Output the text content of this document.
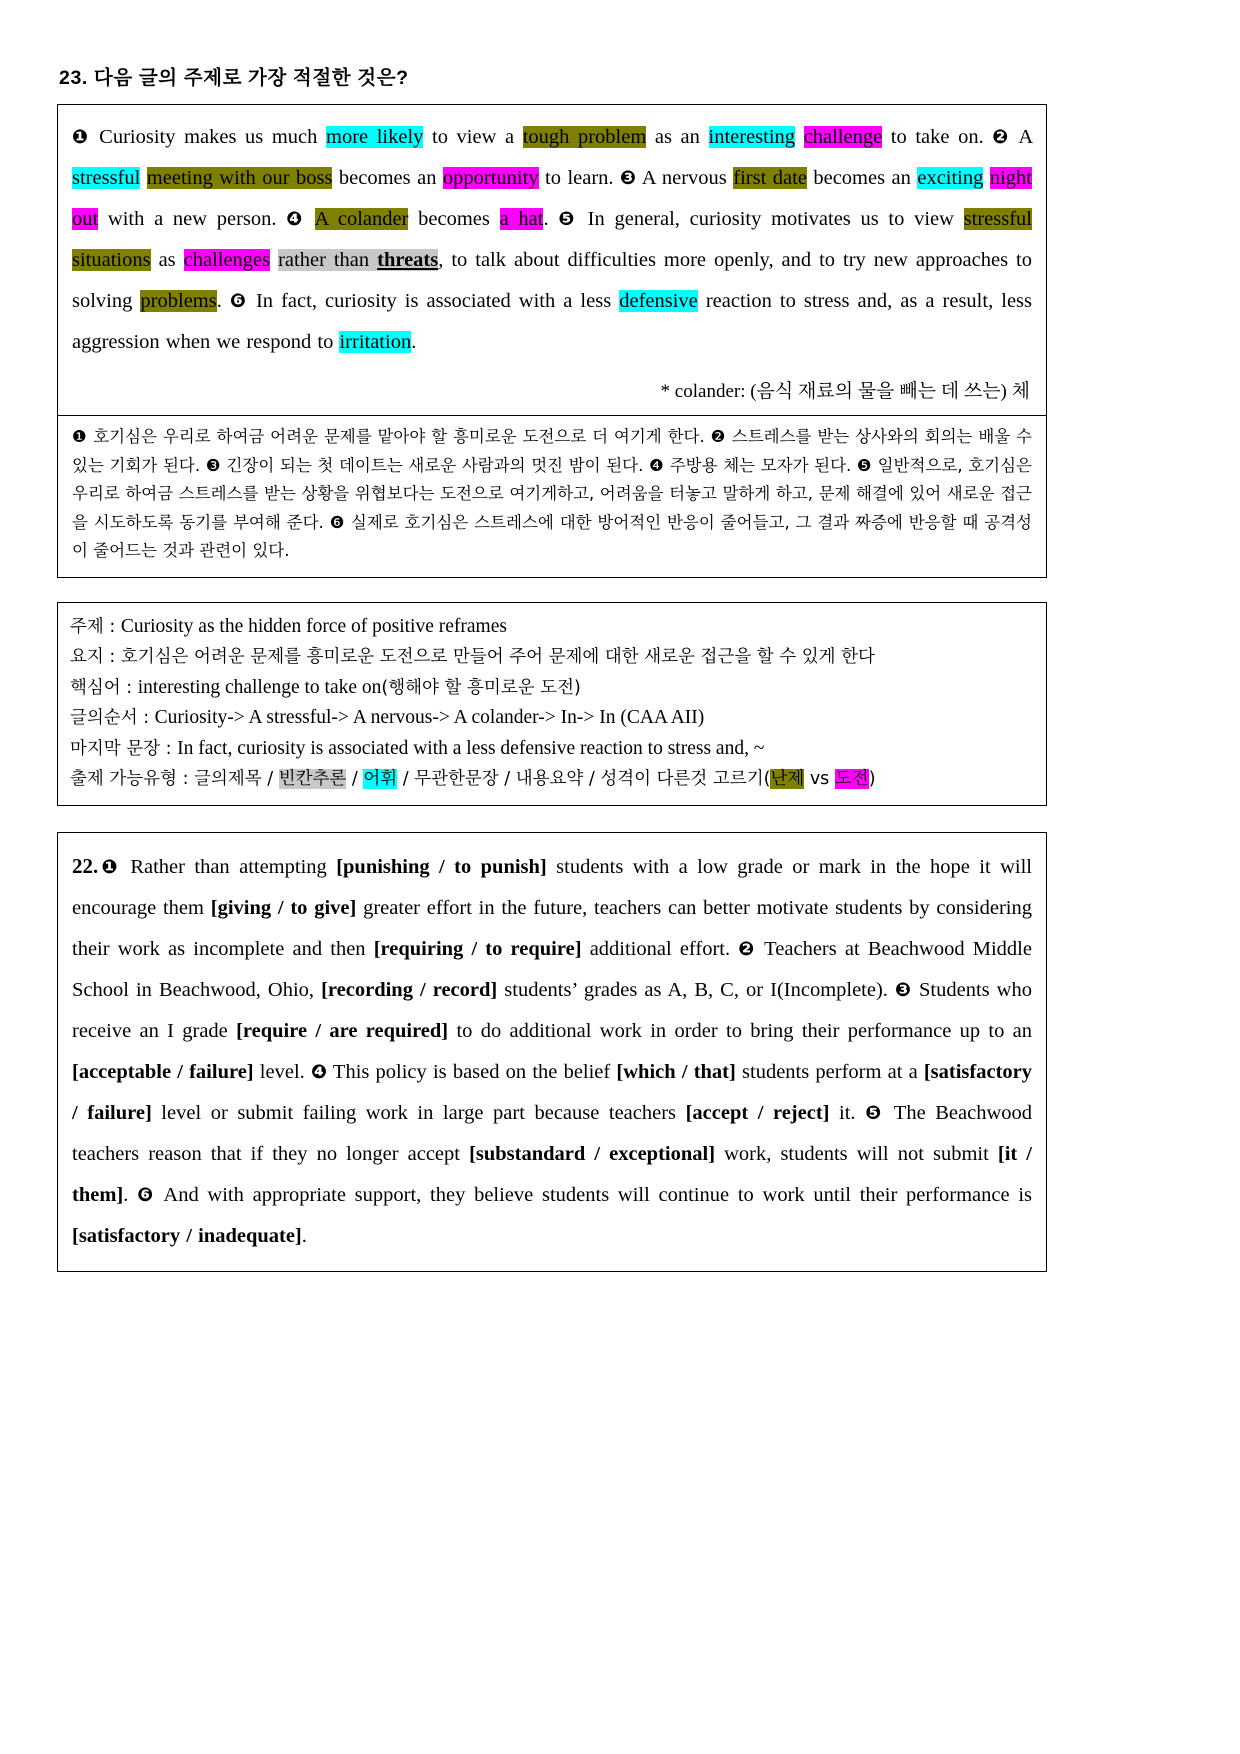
23. 다음 글의 주제로 가장 적절한 것은?

❶ Curiosity makes us much more likely to view a tough problem as an interesting challenge to take on. ❷ A stressful meeting with our boss becomes an opportunity to learn. ❸ A nervous first date becomes an exciting night out with a new person. ❹ A colander becomes a hat. ❺ In general, curiosity motivates us to view stressful situations as challenges rather than threats, to talk about difficulties more openly, and to try new approaches to solving problems. ❻ In fact, curiosity is associated with a less defensive reaction to stress and, as a result, less aggression when we respond to irritation.

* colander: (음식 재료의 물을 빼는 데 쓰는) 체

❶ 호기심은 우리로 하여금 어려운 문제를 맡아야 할 흥미로운 도전으로 더 여기게 한다. ❷ 스트레스를 받는 상사와의 회의는 배울 수 있는 기회가 된다. ❸ 긴장이 되는 첫 데이트는 새로운 사람과의 멋진 밤이 된다. ❹ 주방용 체는 모자가 된다. ❺ 일반적으로, 호기심은 우리로 하여금 스트레스를 받는 상황을 위협보다는 도전으로 여기게하고, 어려움을 터놓고 말하게 하고, 문제 해결에 있어 새로운 접근을 시도하도록 동기를 부여해 준다. ❻ 실제로 호기심은 스트레스에 대한 방어적인 반응이 줄어들고, 그 결과 짜증에 반응할 때 공격성이 줄어드는 것과 관련이 있다.

주제 : Curiosity as the hidden force of positive reframes
요지 : 호기심은 어려운 문제를 흥미로운 도전으로 만들어 주어 문제에 대한 새로운 접근을 할 수 있게 한다
핵심어 : interesting challenge to take on(행해야 할 흥미로운 도전)
글의순서 : Curiosity-> A stressful-> A nervous-> A colander-> In-> In (CAA AII)
마지막 문장 : In fact, curiosity is associated with a less defensive reaction to stress and, ~
출제 가능유형 : 글의제목 / 빈칸추론 / 어휘 / 무관한문장 / 내용요약 / 성격이 다른것 고르기(난제 vs 도전)

22.❶ Rather than attempting [punishing / to punish] students with a low grade or mark in the hope it will encourage them [giving / to give] greater effort in the future, teachers can better motivate students by considering their work as incomplete and then [requiring / to require] additional effort. ❷ Teachers at Beachwood Middle School in Beachwood, Ohio, [recording / record] students’ grades as A, B, C, or I(Incomplete). ❸ Students who receive an I grade [require / are required] to do additional work in order to bring their performance up to an [acceptable / failure] level. ❹ This policy is based on the belief [which / that] students perform at a [satisfactory / failure] level or submit failing work in large part because teachers [accept / reject] it. ❺ The Beachwood teachers reason that if they no longer accept [substandard / exceptional] work, students will not submit [it / them]. ❻ And with appropriate support, they believe students will continue to work until their performance is [satisfactory / inadequate].
